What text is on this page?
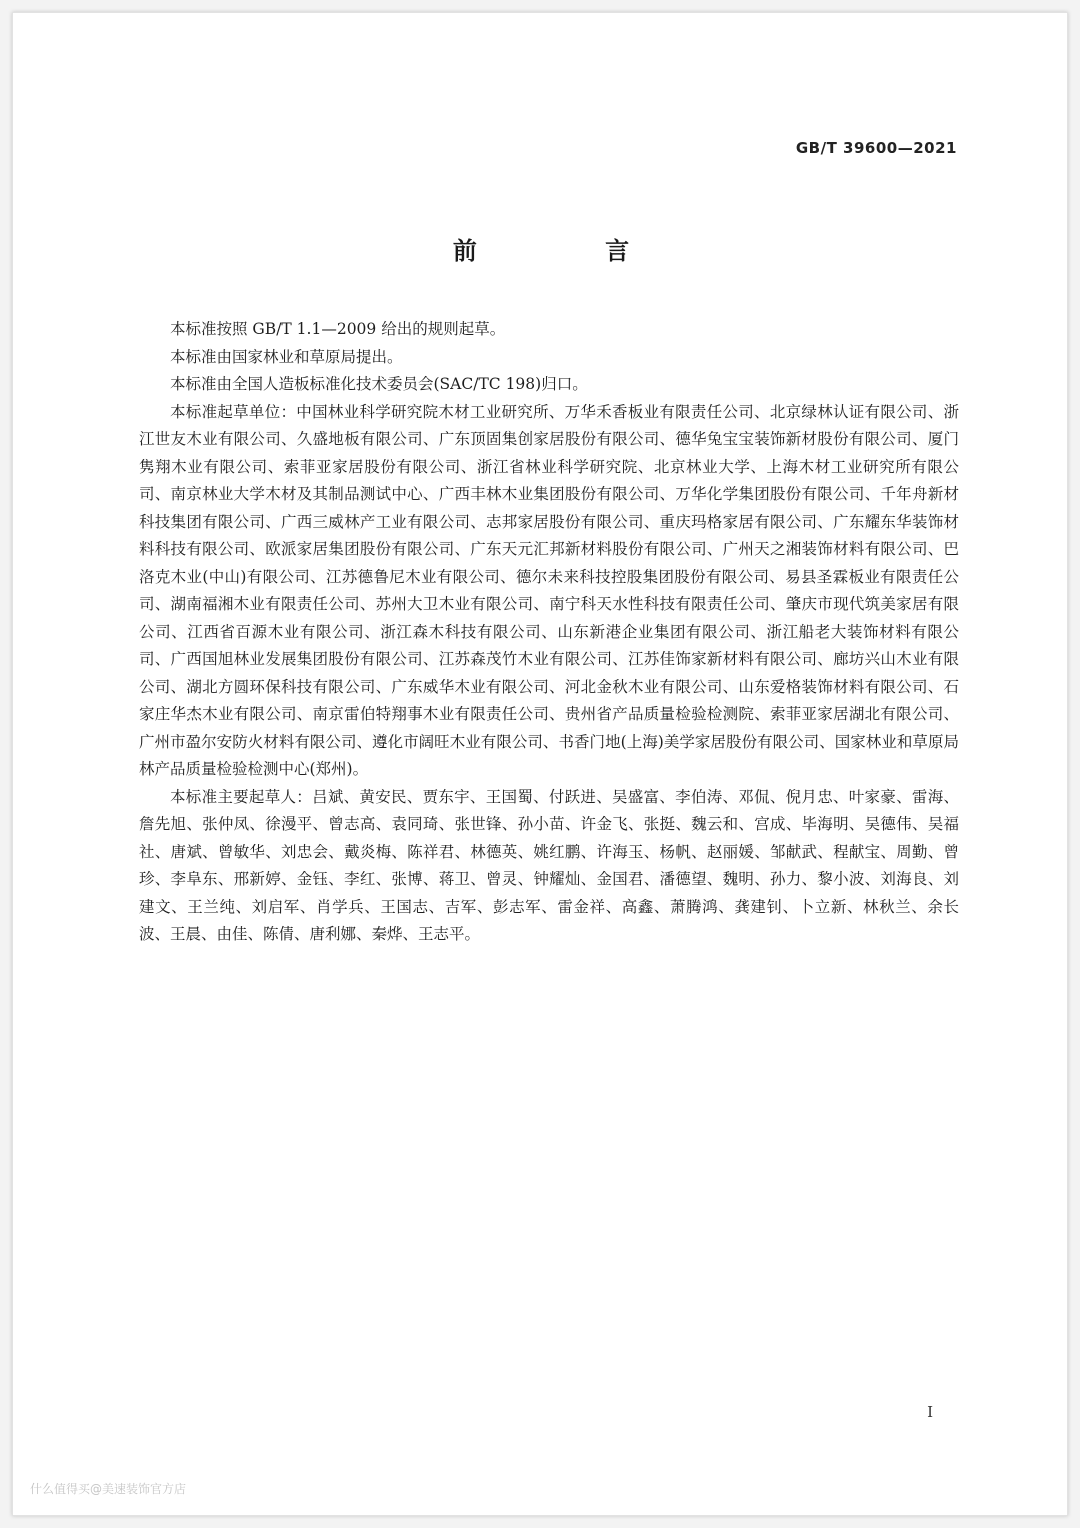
GB/T 39600—2021
前 言

本标准按照 GB/T 1.1—2009 给出的规则起草。

本标准由国家林业和草原局提出。

本标准由全国人造板标准化技术委员会(SAC/TC 198)归口。

本标准起草单位：中国林业科学研究院木材工业研究所、万华禾香板业有限责任公司、北京绿林认证有限公司、浙江世友木业有限公司、久盛地板有限公司、广东顶固集创家居股份有限公司、德华兔宝宝装饰新材股份有限公司、厦门隽翔木业有限公司、索菲亚家居股份有限公司、浙江省林业科学研究院、北京林业大学、上海木材工业研究所有限公司、南京林业大学木材及其制品测试中心、广西丰林木业集团股份有限公司、万华化学集团股份有限公司、千年舟新材科技集团有限公司、广西三威林产工业有限公司、志邦家居股份有限公司、重庆玛格家居有限公司、广东耀东华装饰材料科技有限公司、欧派家居集团股份有限公司、广东天元汇邦新材料股份有限公司、广州天之湘装饰材料有限公司、巴洛克木业(中山)有限公司、江苏德鲁尼木业有限公司、德尔未来科技控股集团股份有限公司、易县圣霖板业有限责任公司、湖南福湘木业有限责任公司、苏州大卫木业有限公司、南宁科天水性科技有限责任公司、肇庆市现代筑美家居有限公司、江西省百源木业有限公司、浙江森木科技有限公司、山东新港企业集团有限公司、浙江船老大装饰材料有限公司、广西国旭林业发展集团股份有限公司、江苏森茂竹木业有限公司、江苏佳饰家新材料有限公司、廊坊兴山木业有限公司、湖北方圆环保科技有限公司、广东威华木业有限公司、河北金秋木业有限公司、山东爱格装饰材料有限公司、石家庄华杰木业有限公司、南京雷伯特翔事木业有限责任公司、贵州省产品质量检验检测院、索菲亚家居湖北有限公司、广州市盈尔安防火材料有限公司、遵化市阔旺木业有限公司、书香门地(上海)美学家居股份有限公司、国家林业和草原局林产品质量检验检测中心(郑州)。

本标准主要起草人：吕斌、黄安民、贾东宇、王国蜀、付跃进、吴盛富、李伯涛、邓侃、倪月忠、叶家豪、雷海、詹先旭、张仲凤、徐漫平、曾志高、袁同琦、张世锋、孙小苗、许金飞、张挺、魏云和、宫成、毕海明、吴德伟、吴福社、唐斌、曾敏华、刘忠会、戴炎梅、陈祥君、林德英、姚红鹏、许海玉、杨帆、赵丽媛、邹献武、程献宝、周勤、曾珍、李阜东、邢新婷、金钰、李红、张博、蒋卫、曾灵、钟耀灿、金国君、潘德望、魏明、孙力、黎小波、刘海良、刘建文、王兰纯、刘启军、肖学兵、王国志、吉军、彭志军、雷金祥、高鑫、萧腾鸿、龚建钊、卜立新、林秋兰、余长波、王晨、由佳、陈倩、唐利娜、秦烨、王志平。

I
什么值得买@美速装饰官方店
